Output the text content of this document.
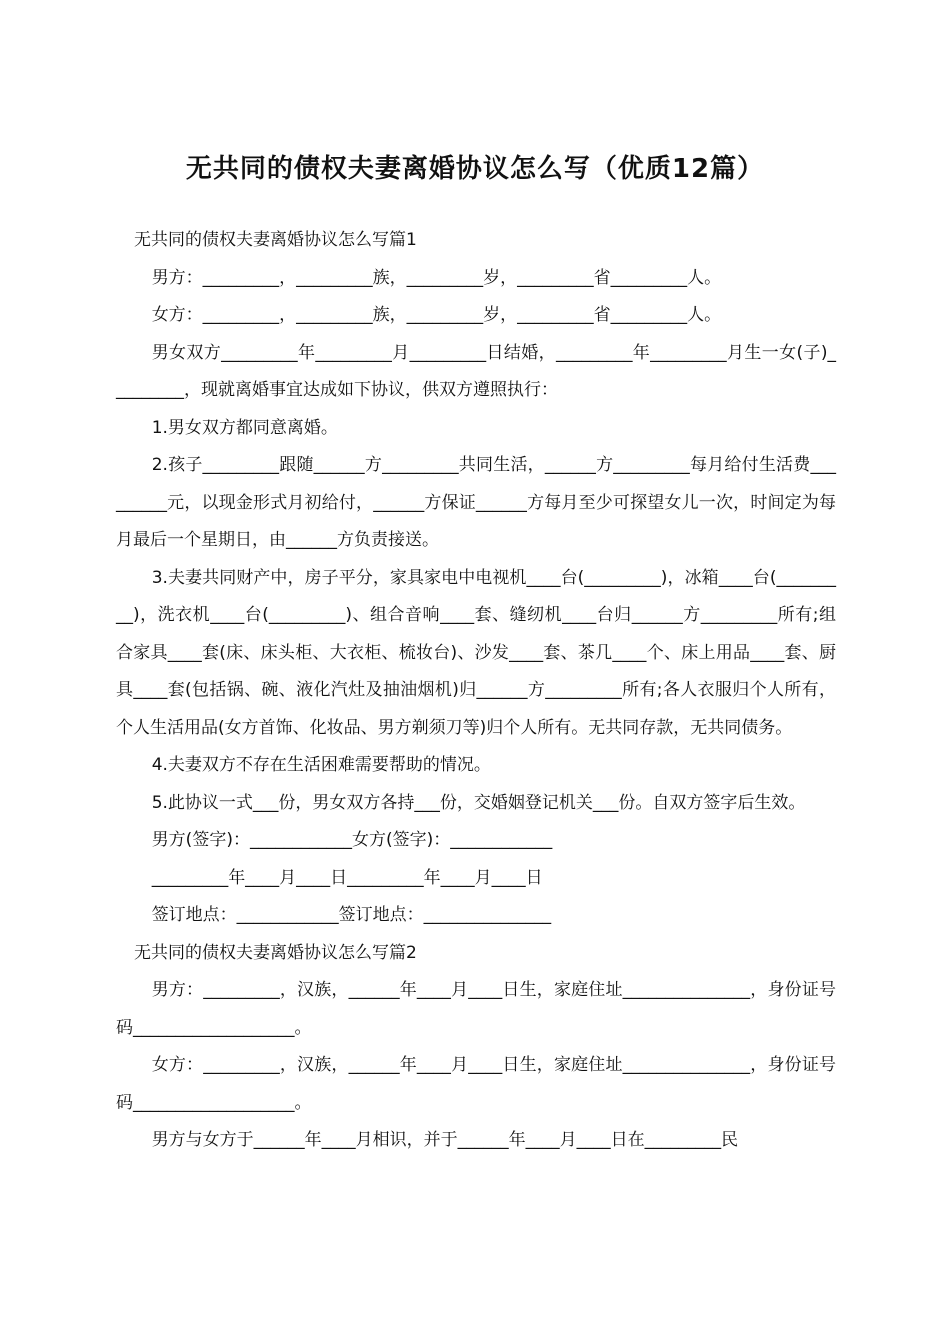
无共同的债权夫妻离婚协议怎么写（优质12篇）

无共同的债权夫妻离婚协议怎么写篇1

男方：_________，_________族，_________岁，_________省_________人。

女方：_________，_________族，_________岁，_________省_________人。

男女双方_________年_________月_________日结婚，_________年_________月生一女(子)_________，现就离婚事宜达成如下协议，供双方遵照执行：

1.男女双方都同意离婚。

2.孩子_________跟随______方_________共同生活，______方_________每月给付生活费_________元，以现金形式月初给付，______方保证______方每月至少可探望女儿一次，时间定为每月最后一个星期日，由______方负责接送。

3.夫妻共同财产中，房子平分，家具家电中电视机____台(_________)，冰箱____台(_________)，洗衣机____台(_________)、组合音响____套、缝纫机____台归______方_________所有;组合家具____套(床、床头柜、大衣柜、梳妆台)、沙发____套、茶几____个、床上用品____套、厨具____套(包括锅、碗、液化汽灶及抽油烟机)归______方_________所有;各人衣服归个人所有，个人生活用品(女方首饰、化妆品、男方剃须刀等)归个人所有。无共同存款，无共同债务。

4.夫妻双方不存在生活困难需要帮助的情况。

5.此协议一式___份，男女双方各持___份，交婚姻登记机关___份。自双方签字后生效。

男方(签字)：____________女方(签字)：____________

_________年____月____日_________年____月____日

签订地点：____________签订地点：_______________

无共同的债权夫妻离婚协议怎么写篇2

男方：_________，汉族，______年____月____日生，家庭住址_______________，身份证号码___________________。

女方：_________，汉族，______年____月____日生，家庭住址_______________，身份证号码___________________。

男方与女方于______年____月相识，并于______年____月____日在_________民
